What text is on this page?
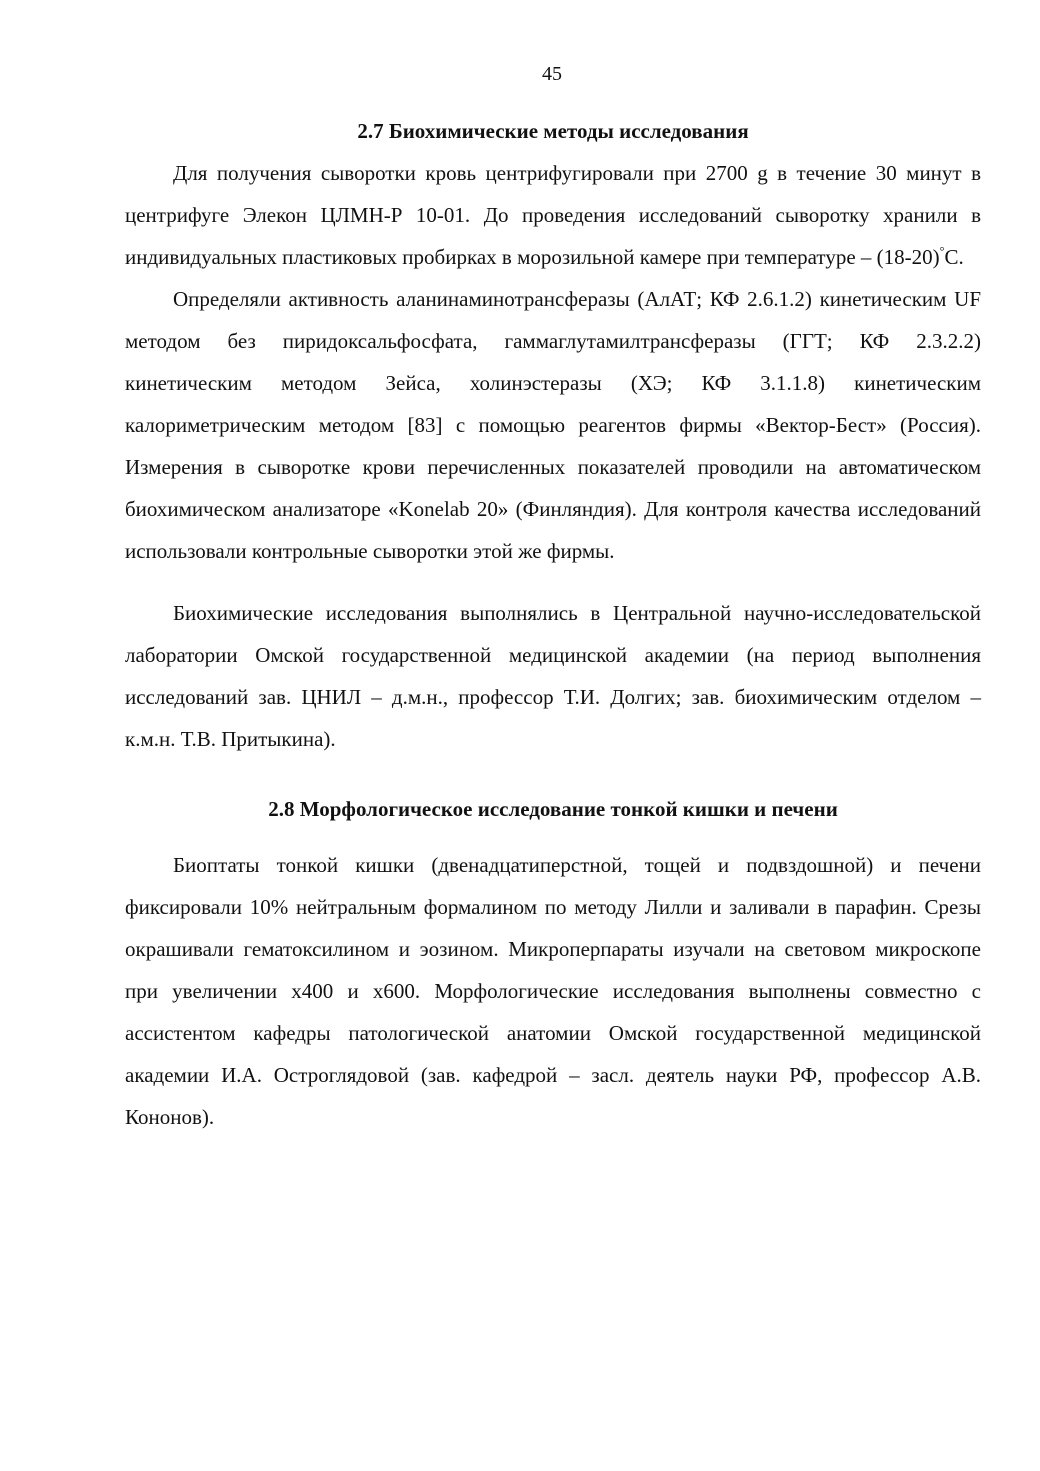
45
2.7 Биохимические методы исследования

Для получения сыворотки кровь центрифугировали при 2700 g в течение 30 минут в центрифуге Элекон ЦЛМН-Р 10-01. До проведения исследований сыворотку хранили в индивидуальных пластиковых пробирках в морозильной камере при температуре – (18-20)°С.

Определяли активность аланинаминотрансферазы (АлАТ; КФ 2.6.1.2) кинетическим UF методом без пиридоксальфосфата, гаммаглутамилтрансферазы (ГГТ; КФ 2.3.2.2) кинетическим методом Зейса, холинэстеразы (ХЭ; КФ 3.1.1.8) кинетическим калориметрическим методом [83] с помощью реагентов фирмы «Вектор-Бест» (Россия). Измерения в сыворотке крови перечисленных показателей проводили на автоматическом биохимическом анализаторе «Konelab 20» (Финляндия). Для контроля качества исследований использовали контрольные сыворотки этой же фирмы.

Биохимические исследования выполнялись в Центральной научно-исследовательской лаборатории Омской государственной медицинской академии (на период выполнения исследований зав. ЦНИЛ – д.м.н., профессор Т.И. Долгих; зав. биохимическим отделом – к.м.н. Т.В. Притыкина).

2.8 Морфологическое исследование тонкой кишки и печени

Биоптаты тонкой кишки (двенадцатиперстной, тощей и подвздошной) и печени фиксировали 10% нейтральным формалином по методу Лилли и заливали в парафин. Срезы окрашивали гематоксилином и эозином. Микроперпараты изучали на световом микроскопе при увеличении х400 и х600. Морфологические исследования выполнены совместно с ассистентом кафедры патологической анатомии Омской государственной медицинской академии И.А. Остроглядовой (зав. кафедрой – засл. деятель науки РФ, профессор А.В. Кононов).
